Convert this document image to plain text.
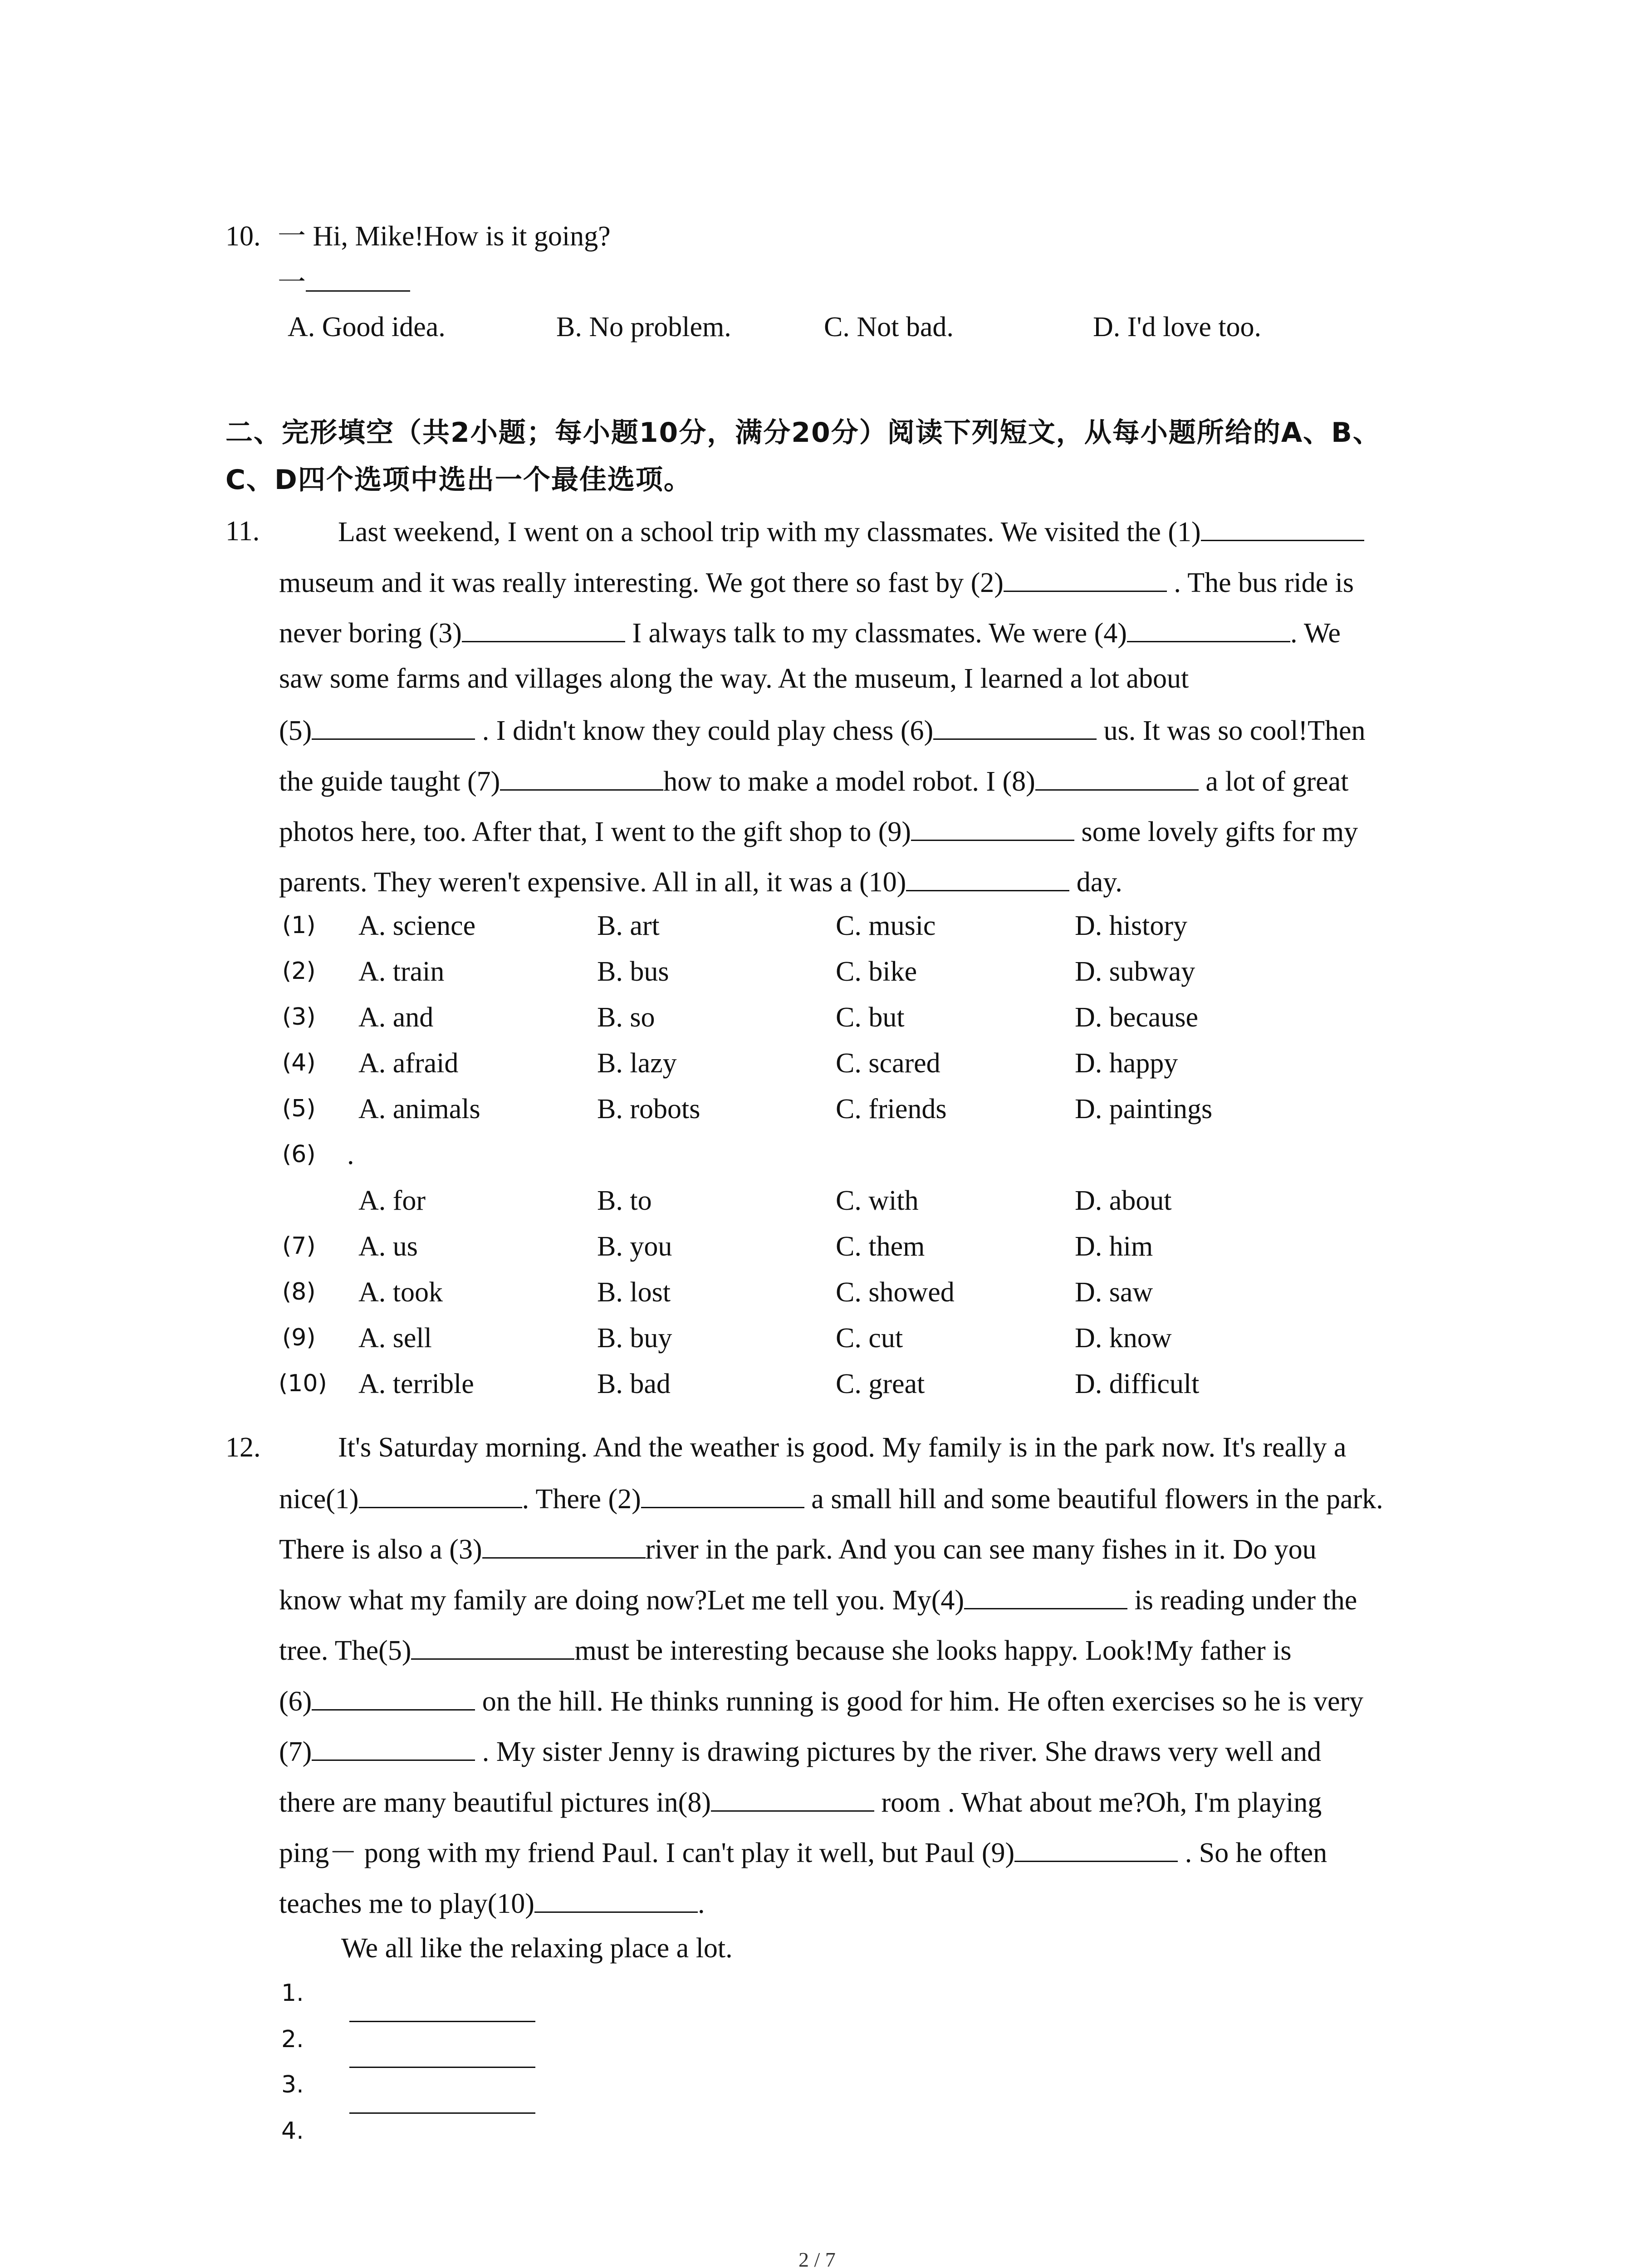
10. 一 Hi, Mike!How is it going?
一
A. Good idea.	B. No problem.	C. Not bad.	D. I'd love too.
二、完形填空（共2小题；每小题10分，满分20分）阅读下列短文，从每小题所给的A、B、
C、D四个选项中选出一个最佳选项。
11.	Last weekend, I went on a school trip with my classmates. We visited the (1)
museum and it was really interesting. We got there so fast by (2)	. The bus ride is
never boring (3)	I always talk to my classmates. We were (4)	. We
saw some farms and villages along the way. At the museum, I learned a lot about
(5)	. I didn't know they could play chess (6)	us. It was so cool!Then
the guide taught (7)	how to make a model robot. I (8)	a lot of great
photos here, too. After that, I went to the gift shop to (9)	some lovely gifts for my
parents. They weren't expensive. All in all, it was a (10)	day.
(1) A. science	B. art	C. music	D. history
(2) A. train	B. bus	C. bike	D. subway
(3) A. and	B. so	C. but	D. because
(4) A. afraid	B. lazy	C. scared	D. happy
(5) A. animals	B. robots	C. friends	D. paintings
(6) .
A. for	B. to	C. with	D. about
(7) A. us	B. you	C. them	D. him
(8) A. took	B. lost	C. showed	D. saw
(9) A. sell	B. buy	C. cut	D. know
(10) A. terrible	B. bad	C. great	D. difficult
12.	It's Saturday morning. And the weather is good. My family is in the park now. It's really a
nice(1)	. There (2)	a small hill and some beautiful flowers in the park.
There is also a (3)	river in the park. And you can see many fishes in it. Do you
know what my family are doing now?Let me tell you. My(4)	is reading under the
tree. The(5)	must be interesting because she looks happy. Look!My father is
(6)	on the hill. He thinks running is good for him. He often exercises so he is very
(7)	. My sister Jenny is drawing pictures by the river. She draws very well and
there are many beautiful pictures in(8)	room . What about me?Oh, I'm playing
ping－ pong with my friend Paul. I can't play it well, but Paul (9)	. So he often
teaches me to play(10)	.
We all like the relaxing place a lot.
1.
2.
3.
4.
2 / 7
